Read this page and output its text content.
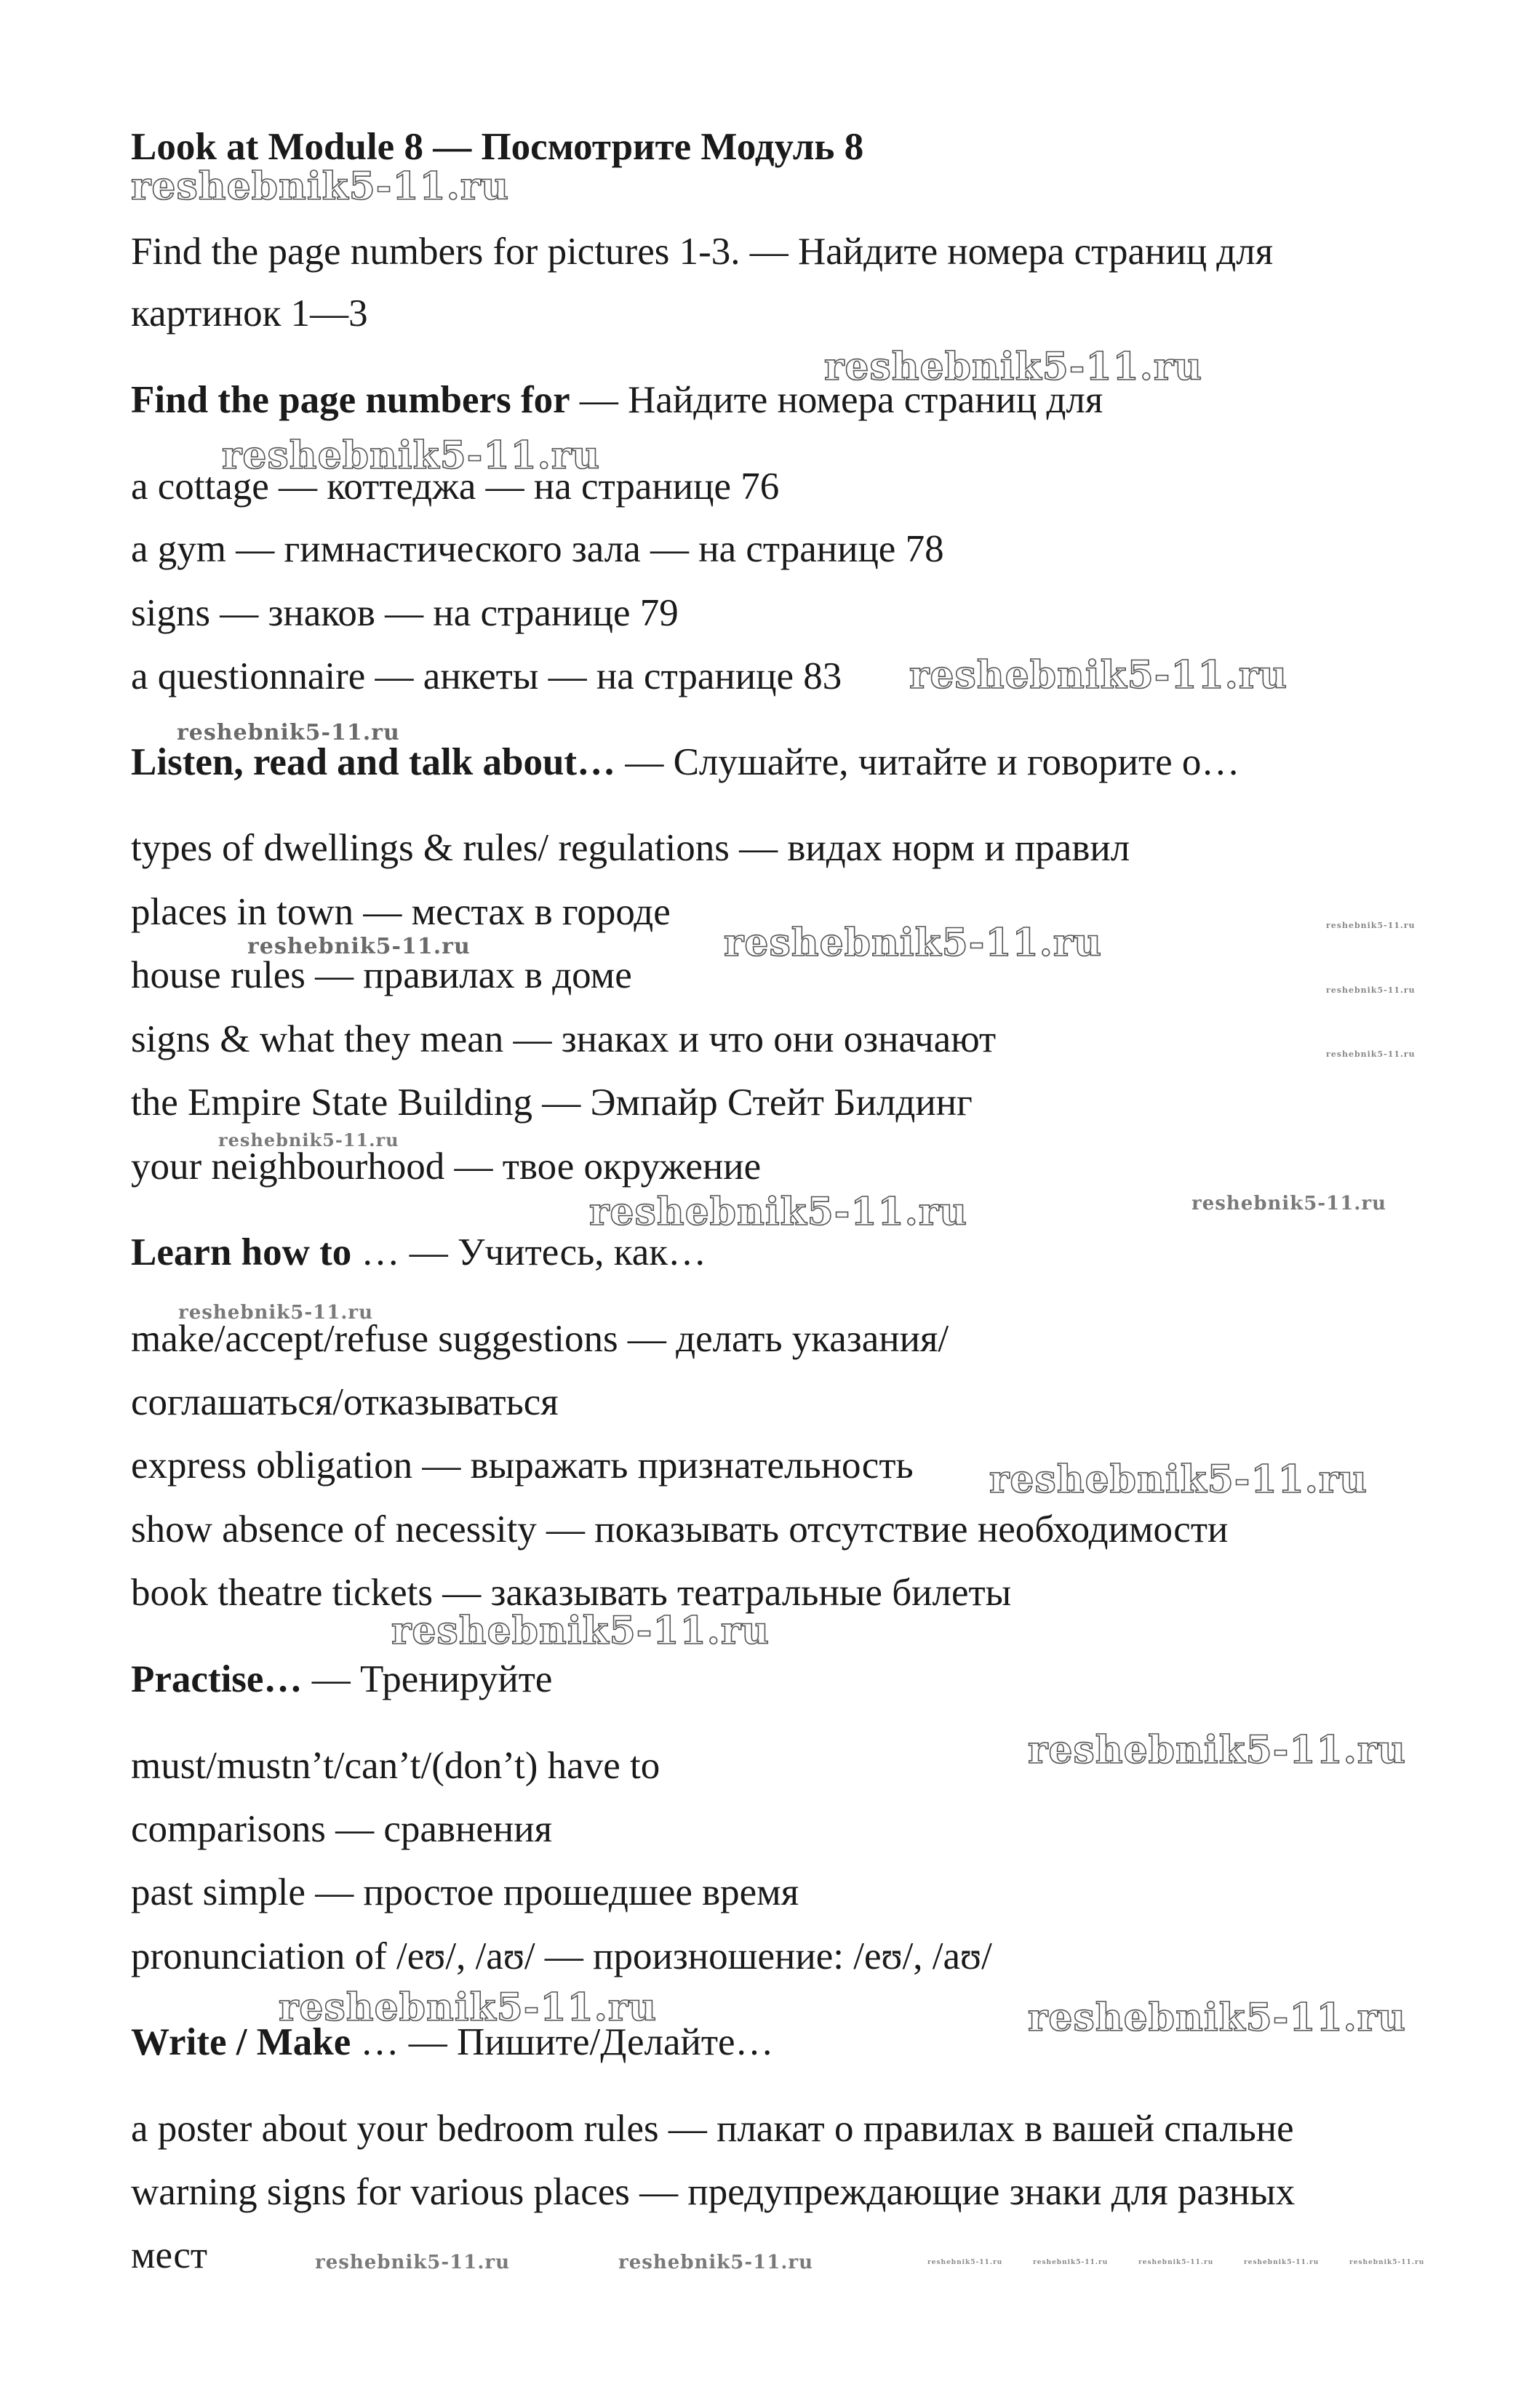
Look at Module 8 — Посмотрите Модуль 8
Find the page numbers for pictures 1-3. — Найдите номера страниц для
картинок 1—3
Find the page numbers for — Найдите номера страниц для
a cottage — коттеджа — на странице 76
a gym — гимнастического зала — на странице 78
signs — знаков — на странице 79
a questionnaire — анкеты — на странице 83
Listen, read and talk about… — Слушайте, читайте и говорите о…
types of dwellings & rules/ regulations — видах норм и правил
places in town — местах в городе
house rules — правилах в доме
signs & what they mean — знаках и что они означают
the Empire State Building — Эмпайр Стейт Билдинг
your neighbourhood — твое окружение
Learn how to … — Учитесь, как…
make/accept/refuse suggestions — делать указания/
соглашаться/отказываться
express obligation — выражать признательность
show absence of necessity — показывать отсутствие необходимости
book theatre tickets — заказывать театральные билеты
Practise… — Тренируйте
must/mustn’t/can’t/(don’t) have to
comparisons — сравнения
past simple — простое прошедшее время
pronunciation of /eʊ/, /aʊ/ — произношение: /eʊ/, /aʊ/
Write / Make … — Пишите/Делайте…
a poster about your bedroom rules — плакат о правилах в вашей спальне
warning signs for various places — предупреждающие знаки для разных
мест
reshebnik5-11.ru
reshebnik5-11.ru
reshebnik5-11.ru
reshebnik5-11.ru
reshebnik5-11.ru
reshebnik5-11.ru
reshebnik5-11.ru
reshebnik5-11.ru
reshebnik5-11.ru
reshebnik5-11.ru	reshebnik5-11.ru
reshebnik5-11.ru
reshebnik5-11.ru
reshebnik5-11.ru
reshebnik5-11.ru
reshebnik5-11.ru
reshebnik5-11.ru	reshebnik5-11.ru
reshebnik5-11.ru
reshebnik5-11.ru
reshebnik5-11.ru
reshebnik5-11.ru	reshebnik5-11.ru	reshebnik5-11.ru	reshebnik5-11.ru	reshebnik5-11.ru
